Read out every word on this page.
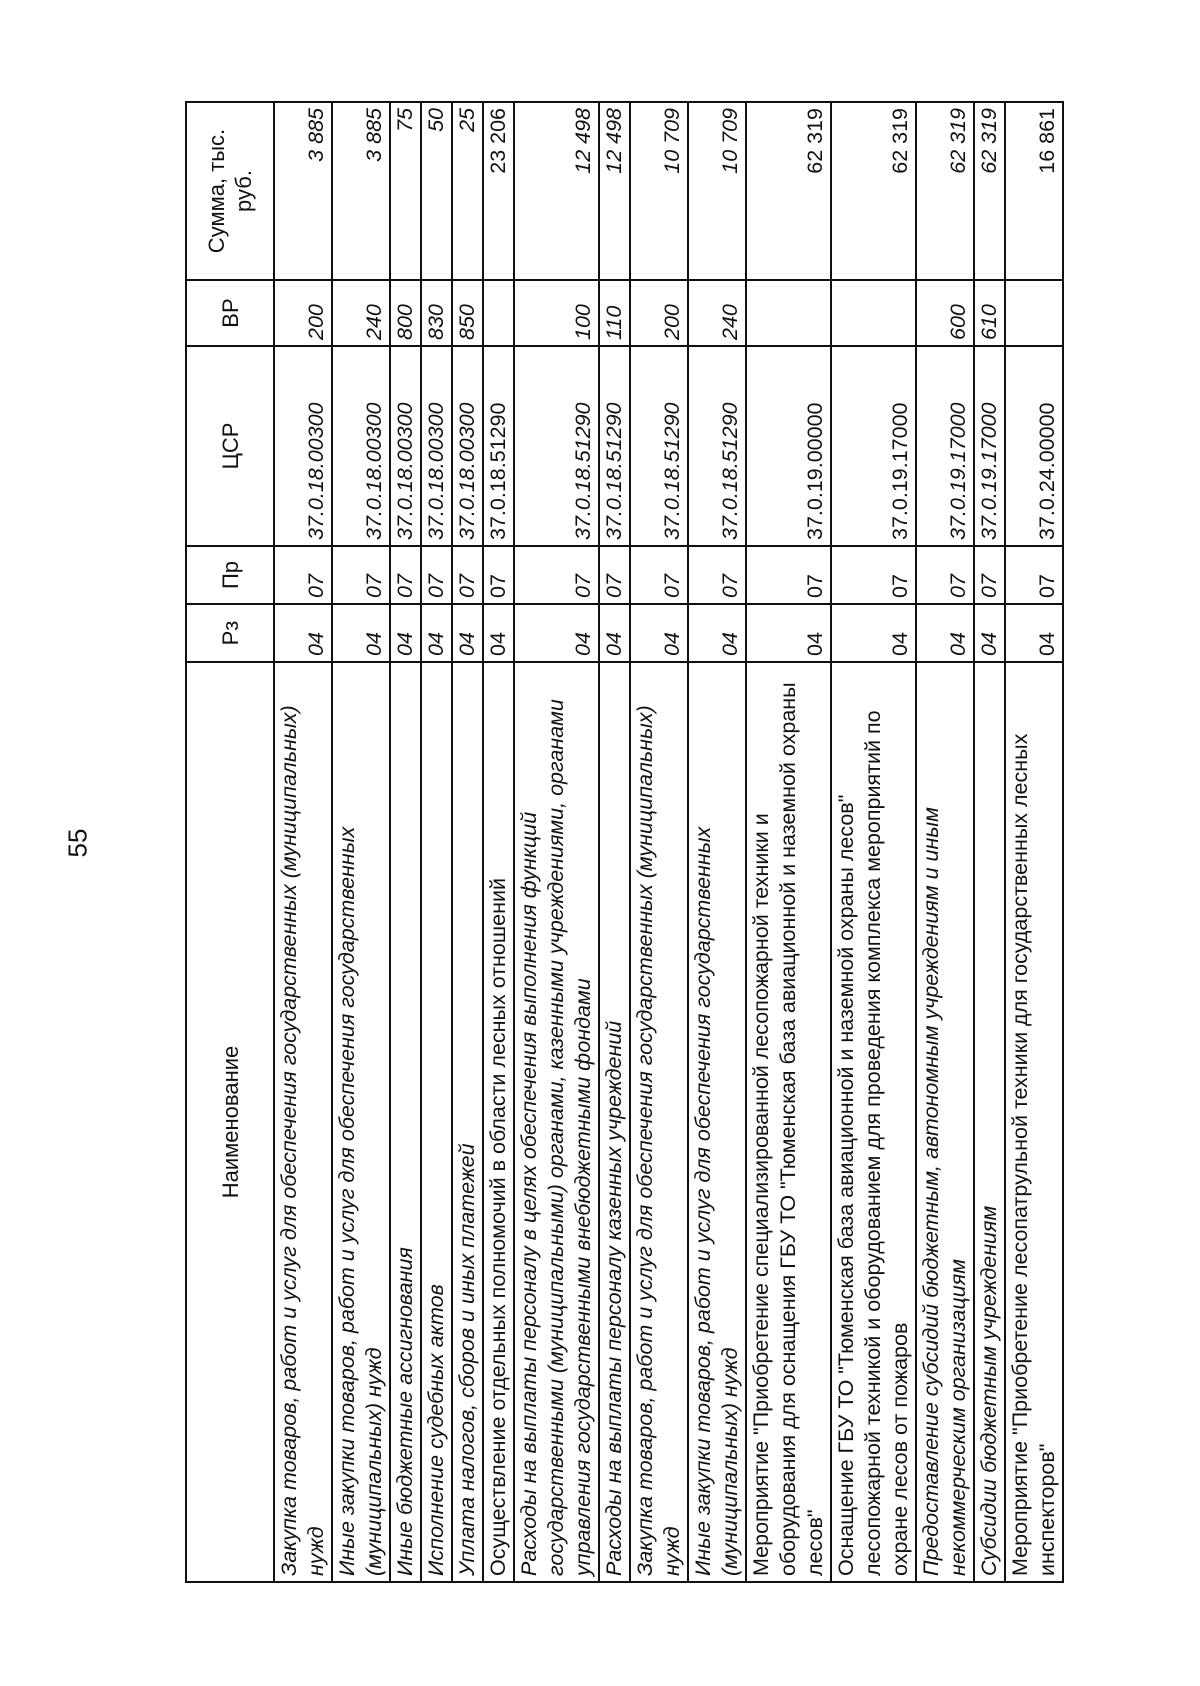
55
Наименование	Рз	Пр	ЦСР	ВР	Сумма, тыс. руб.
Закупка товаров, работ и услуг для обеспечения государственных (муниципальных) нужд	04	07	37.0.18.00300	200	3 885
Иные закупки товаров, работ и услуг для обеспечения государственных (муниципальных) нужд	04	07	37.0.18.00300	240	3 885
Иные бюджетные ассигнования	04	07	37.0.18.00300	800	75
Исполнение судебных актов	04	07	37.0.18.00300	830	50
Уплата налогов, сборов и иных платежей	04	07	37.0.18.00300	850	25
Осуществление отдельных полномочий в области лесных отношений	04	07	37.0.18.51290		23 206
Расходы на выплаты персоналу в целях обеспечения выполнения функций государственными (муниципальными) органами, казенными учреждениями, органами управления государственными внебюджетными фондами	04	07	37.0.18.51290	100	12 498
Расходы на выплаты персоналу казенных учреждений	04	07	37.0.18.51290	110	12 498
Закупка товаров, работ и услуг для обеспечения государственных (муниципальных) нужд	04	07	37.0.18.51290	200	10 709
Иные закупки товаров, работ и услуг для обеспечения государственных (муниципальных) нужд	04	07	37.0.18.51290	240	10 709
Мероприятие "Приобретение специализированной лесопожарной техники и оборудования для оснащения ГБУ ТО "Тюменская база авиационной и наземной охраны лесов"	04	07	37.0.19.00000		62 319
Оснащение ГБУ ТО "Тюменская база авиационной и наземной охраны лесов" лесопожарной техникой и оборудованием для проведения комплекса мероприятий по охране лесов от пожаров	04	07	37.0.19.17000		62 319
Предоставление субсидий бюджетным, автономным учреждениям и иным некоммерческим организациям	04	07	37.0.19.17000	600	62 319
Субсидии бюджетным учреждениям	04	07	37.0.19.17000	610	62 319
Мероприятие "Приобретение лесопатрульной техники для государственных лесных инспекторов"	04	07	37.0.24.00000		16 861
